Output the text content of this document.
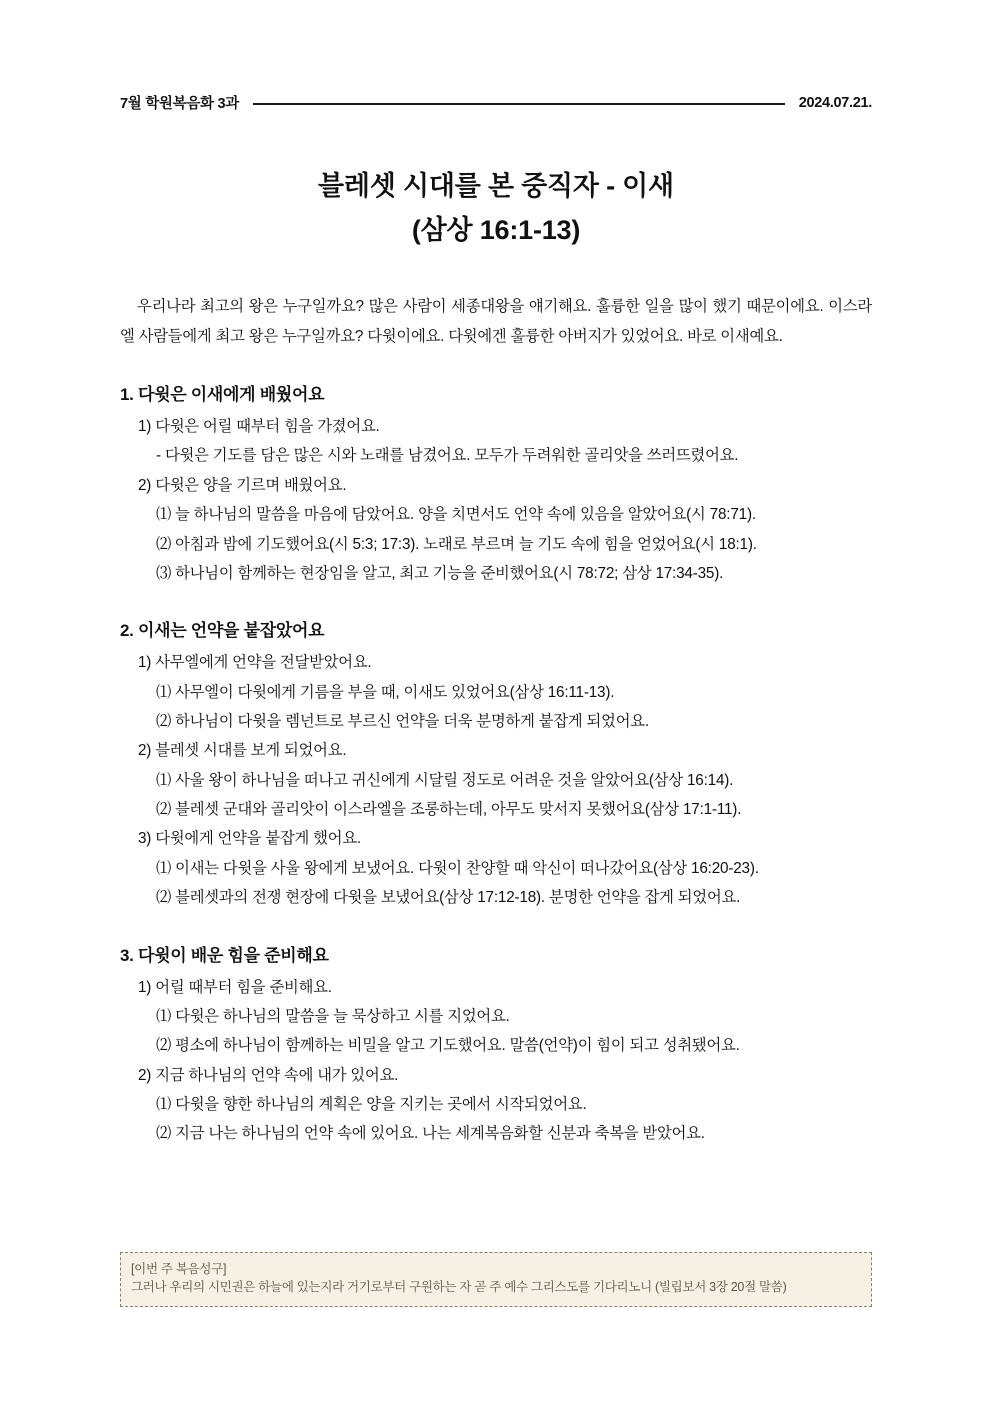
7월 학원복음화 3과	2024.07.21.
블레셋 시대를 본 중직자 - 이새
(삼상 16:1-13)

우리나라 최고의 왕은 누구일까요? 많은 사람이 세종대왕을 얘기해요. 훌륭한 일을 많이 했기 때문이에요. 이스라엘 사람들에게 최고 왕은 누구일까요? 다윗이에요. 다윗에겐 훌륭한 아버지가 있었어요. 바로 이새예요.

1. 다윗은 이새에게 배웠어요
1) 다윗은 어릴 때부터 힘을 가졌어요.
- 다윗은 기도를 담은 많은 시와 노래를 남겼어요. 모두가 두려워한 골리앗을 쓰러뜨렸어요.
2) 다윗은 양을 기르며 배웠어요.
⑴ 늘 하나님의 말씀을 마음에 담았어요. 양을 치면서도 언약 속에 있음을 알았어요(시 78:71).
⑵ 아침과 밤에 기도했어요(시 5:3; 17:3). 노래로 부르며 늘 기도 속에 힘을 얻었어요(시 18:1).
⑶ 하나님이 함께하는 현장임을 알고, 최고 기능을 준비했어요(시 78:72; 삼상 17:34-35).
2. 이새는 언약을 붙잡았어요
1) 사무엘에게 언약을 전달받았어요.
⑴ 사무엘이 다윗에게 기름을 부을 때, 이새도 있었어요(삼상 16:11-13).
⑵ 하나님이 다윗을 렘넌트로 부르신 언약을 더욱 분명하게 붙잡게 되었어요.
2) 블레셋 시대를 보게 되었어요.
⑴ 사울 왕이 하나님을 떠나고 귀신에게 시달릴 정도로 어려운 것을 알았어요(삼상 16:14).
⑵ 블레셋 군대와 골리앗이 이스라엘을 조롱하는데, 아무도 맞서지 못했어요(삼상 17:1-11).
3) 다윗에게 언약을 붙잡게 했어요.
⑴ 이새는 다윗을 사울 왕에게 보냈어요. 다윗이 찬양할 때 악신이 떠나갔어요(삼상 16:20-23).
⑵ 블레셋과의 전쟁 현장에 다윗을 보냈어요(삼상 17:12-18). 분명한 언약을 잡게 되었어요.
3. 다윗이 배운 힘을 준비해요
1) 어릴 때부터 힘을 준비해요.
⑴ 다윗은 하나님의 말씀을 늘 묵상하고 시를 지었어요.
⑵ 평소에 하나님이 함께하는 비밀을 알고 기도했어요. 말씀(언약)이 힘이 되고 성취됐어요.
2) 지금 하나님의 언약 속에 내가 있어요.
⑴ 다윗을 향한 하나님의 계획은 양을 지키는 곳에서 시작되었어요.
⑵ 지금 나는 하나님의 언약 속에 있어요. 나는 세계복음화할 신분과 축복을 받았어요.
[이번 주 복음성구]
그러나 우리의 시민권은 하늘에 있는지라 거기로부터 구원하는 자 곧 주 예수 그리스도를 기다리노니 (빌립보서 3장 20절 말씀)
